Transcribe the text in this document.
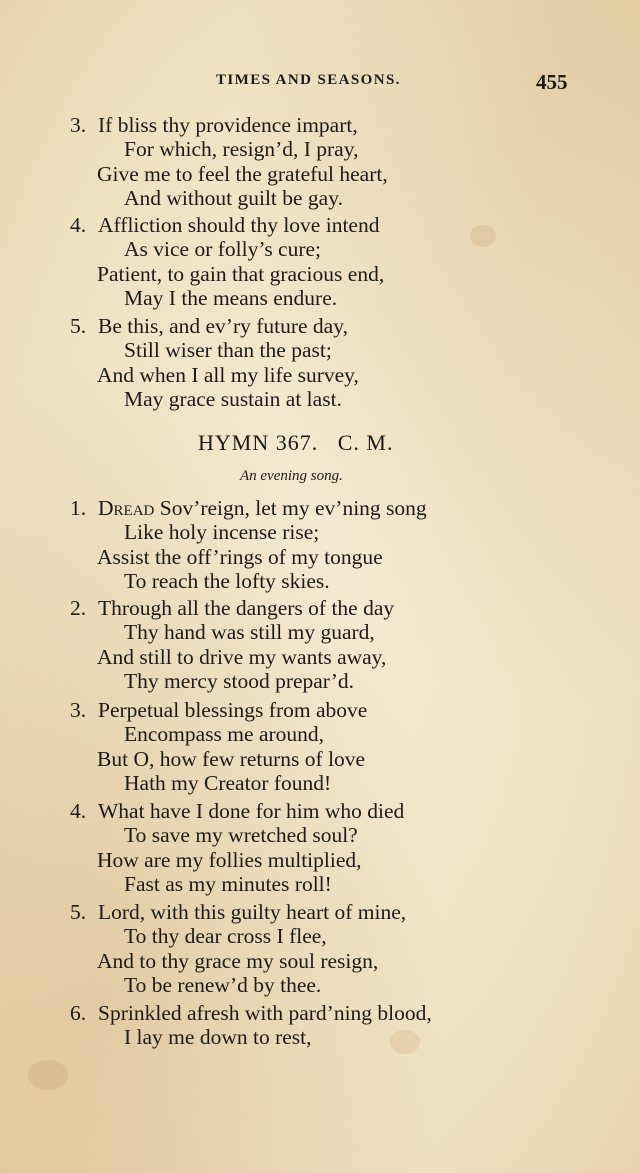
TIMES AND SEASONS.	455
3. If bliss thy providence impart,
For which, resign’d, I pray,
Give me to feel the grateful heart,
And without guilt be gay.
4. Affliction should thy love intend
As vice or folly’s cure;
Patient, to gain that gracious end,
May I the means endure.
5. Be this, and ev’ry future day,
Still wiser than the past;
And when I all my life survey,
May grace sustain at last.
HYMN 367.   C. M.
An evening song.
1. Dread Sov’reign, let my ev’ning song
Like holy incense rise;
Assist the off’rings of my tongue
To reach the lofty skies.
2. Through all the dangers of the day
Thy hand was still my guard,
And still to drive my wants away,
Thy mercy stood prepar’d.
3. Perpetual blessings from above
Encompass me around,
But O, how few returns of love
Hath my Creator found!
4. What have I done for him who died
To save my wretched soul?
How are my follies multiplied,
Fast as my minutes roll!
5. Lord, with this guilty heart of mine,
To thy dear cross I flee,
And to thy grace my soul resign,
To be renew’d by thee.
6. Sprinkled afresh with pard’ning blood,
I lay me down to rest,
